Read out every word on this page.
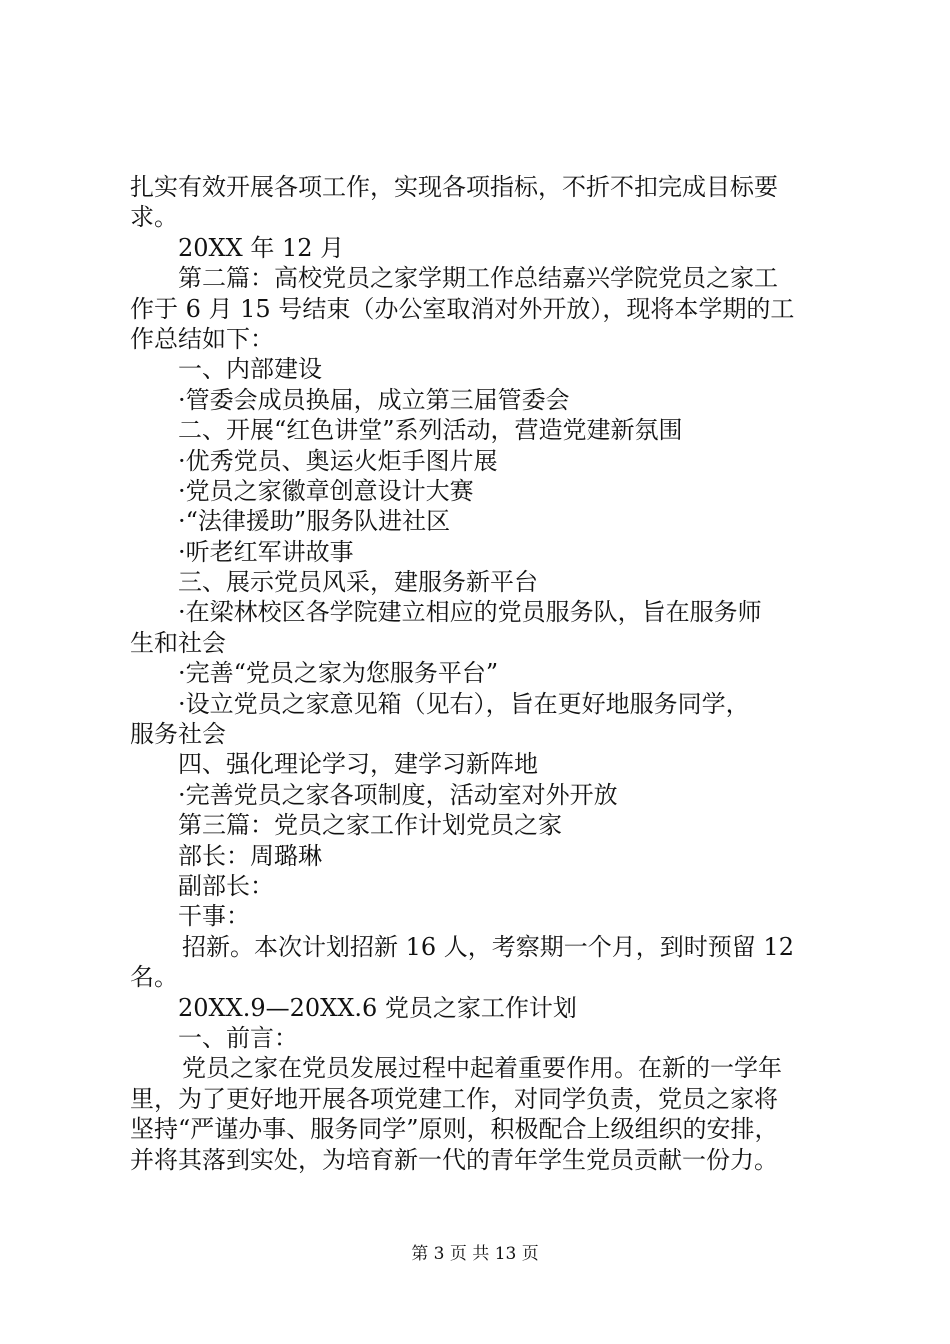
扎实有效开展各项工作，实现各项指标，不折不扣完成目标要
求。
20XX 年 12 月
第二篇：高校党员之家学期工作总结嘉兴学院党员之家工
作于 6 月 15 号结束（办公室取消对外开放），现将本学期的工
作总结如下：
一、内部建设
·管委会成员换届，成立第三届管委会
二、开展“红色讲堂”系列活动，营造党建新氛围
·优秀党员、奥运火炬手图片展
·党员之家徽章创意设计大赛
·“法律援助”服务队进社区
·听老红军讲故事
三、展示党员风采，建服务新平台
·在梁林校区各学院建立相应的党员服务队，旨在服务师
生和社会
·完善“党员之家为您服务平台”
·设立党员之家意见箱（见右），旨在更好地服务同学，
服务社会
四、强化理论学习，建学习新阵地
·完善党员之家各项制度，活动室对外开放
第三篇：党员之家工作计划党员之家
部长：周璐琳
副部长：
干事：
招新。本次计划招新 16 人，考察期一个月，到时预留 12
名。
20XX.9—20XX.6 党员之家工作计划
一、前言：
党员之家在党员发展过程中起着重要作用。在新的一学年
里，为了更好地开展各项党建工作，对同学负责，党员之家将
坚持“严谨办事、服务同学”原则，积极配合上级组织的安排，
并将其落到实处，为培育新一代的青年学生党员贡献一份力。
第 3 页 共 13 页
